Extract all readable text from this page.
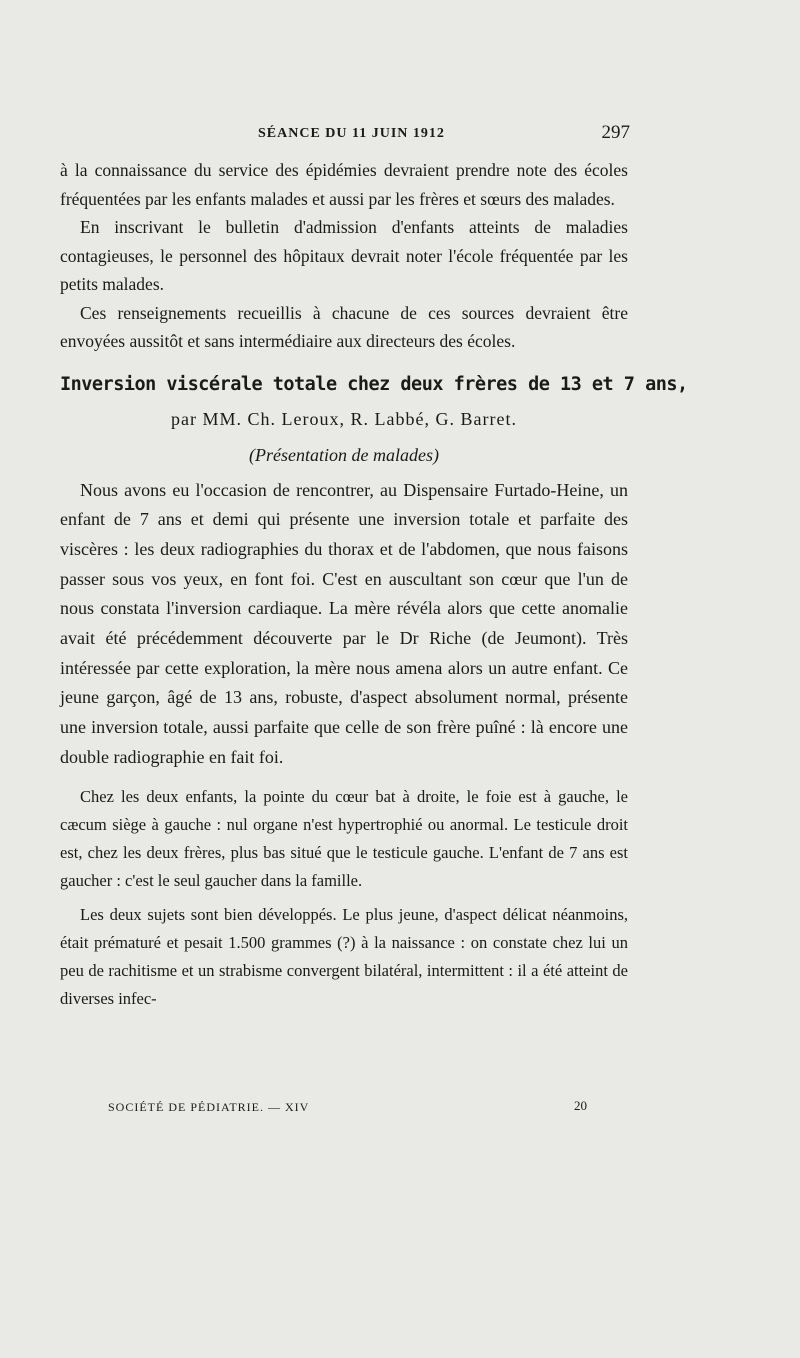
SÉANCE DU 11 JUIN 1912	297

à la connaissance du service des épidémies devraient prendre note des écoles fréquentées par les enfants malades et aussi par les frères et sœurs des malades.

En inscrivant le bulletin d'admission d'enfants atteints de maladies contagieuses, le personnel des hôpitaux devrait noter l'école fréquentée par les petits malades.

Ces renseignements recueillis à chacune de ces sources devraient être envoyées aussitôt et sans intermédiaire aux directeurs des écoles.

Inversion viscérale totale chez deux frères de 13 et 7 ans,
par MM. Ch. Leroux, R. Labbé, G. Barret.
(Présentation de malades)

Nous avons eu l'occasion de rencontrer, au Dispensaire Furtado-Heine, un enfant de 7 ans et demi qui présente une inversion totale et parfaite des viscères : les deux radiographies du thorax et de l'abdomen, que nous faisons passer sous vos yeux, en font foi. C'est en auscultant son cœur que l'un de nous constata l'inversion cardiaque. La mère révéla alors que cette anomalie avait été précédemment découverte par le Dr Riche (de Jeumont). Très intéressée par cette exploration, la mère nous amena alors un autre enfant. Ce jeune garçon, âgé de 13 ans, robuste, d'aspect absolument normal, présente une inversion totale, aussi parfaite que celle de son frère puîné : là encore une double radiographie en fait foi.

Chez les deux enfants, la pointe du cœur bat à droite, le foie est à gauche, le cæcum siège à gauche : nul organe n'est hypertrophié ou anormal. Le testicule droit est, chez les deux frères, plus bas situé que le testicule gauche. L'enfant de 7 ans est gaucher : c'est le seul gaucher dans la famille.

Les deux sujets sont bien développés. Le plus jeune, d'aspect délicat néanmoins, était prématuré et pesait 1.500 grammes (?) à la naissance : on constate chez lui un peu de rachitisme et un strabisme convergent bilatéral, intermittent : il a été atteint de diverses infec-

SOCIÉTÉ DE PÉDIATRIE. — XIV	20
